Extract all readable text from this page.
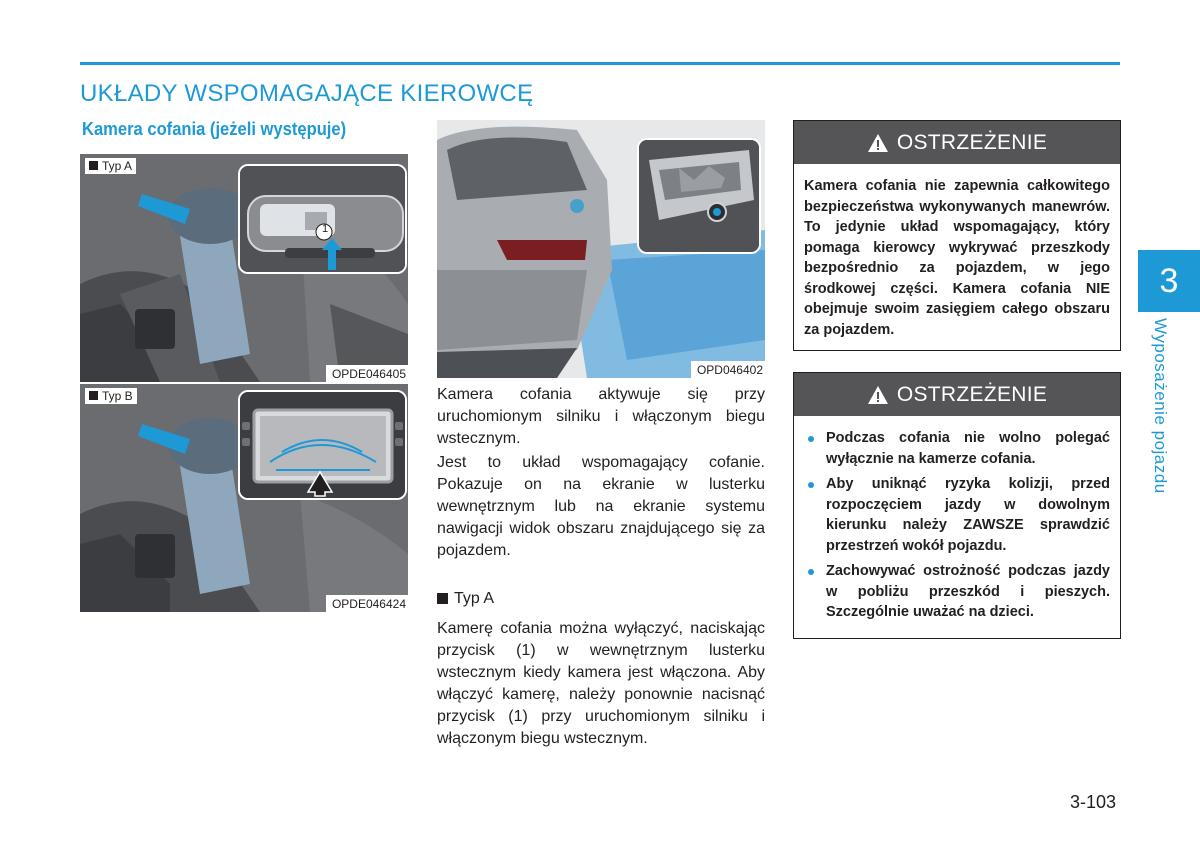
UKŁADY WSPOMAGAJĄCE KIEROWCĘ
Kamera cofania (jeżeli występuje)
Typ A
1
OPDE046405
Typ B
OPDE046424
OPD046402
Kamera cofania aktywuje się przy uruchomionym silniku i włączonym biegu wstecznym.
Jest to układ wspomagający cofanie. Pokazuje on na ekranie w lusterku wewnętrznym lub na ekranie systemu nawigacji widok obszaru znajdującego się za pojazdem.
Typ A
Kamerę cofania można wyłączyć, naciskając przycisk (1) w wewnętrznym lusterku wstecznym kiedy kamera jest włączona. Aby włączyć kamerę, należy ponownie nacisnąć przycisk (1) przy uruchomionym silniku i włączonym biegu wstecznym.
OSTRZEŻENIE
Kamera cofania nie zapewnia całkowitego bezpieczeństwa wykonywanych manewrów. To jedynie układ wspomagający, który pomaga kierowcy wykrywać przeszkody bezpośrednio za pojazdem, w jego środkowej części. Kamera cofania NIE obejmuje swoim zasięgiem całego obszaru za pojazdem.
OSTRZEŻENIE
Podczas cofania nie wolno polegać wyłącznie na kamerze cofania.
Aby uniknąć ryzyka kolizji, przed rozpoczęciem jazdy w dowolnym kierunku należy ZAWSZE sprawdzić przestrzeń wokół pojazdu.
Zachowywać ostrożność podczas jazdy w pobliżu przeszkód i pieszych. Szczególnie uważać na dzieci.
3
Wyposażenie pojazdu
3-103
